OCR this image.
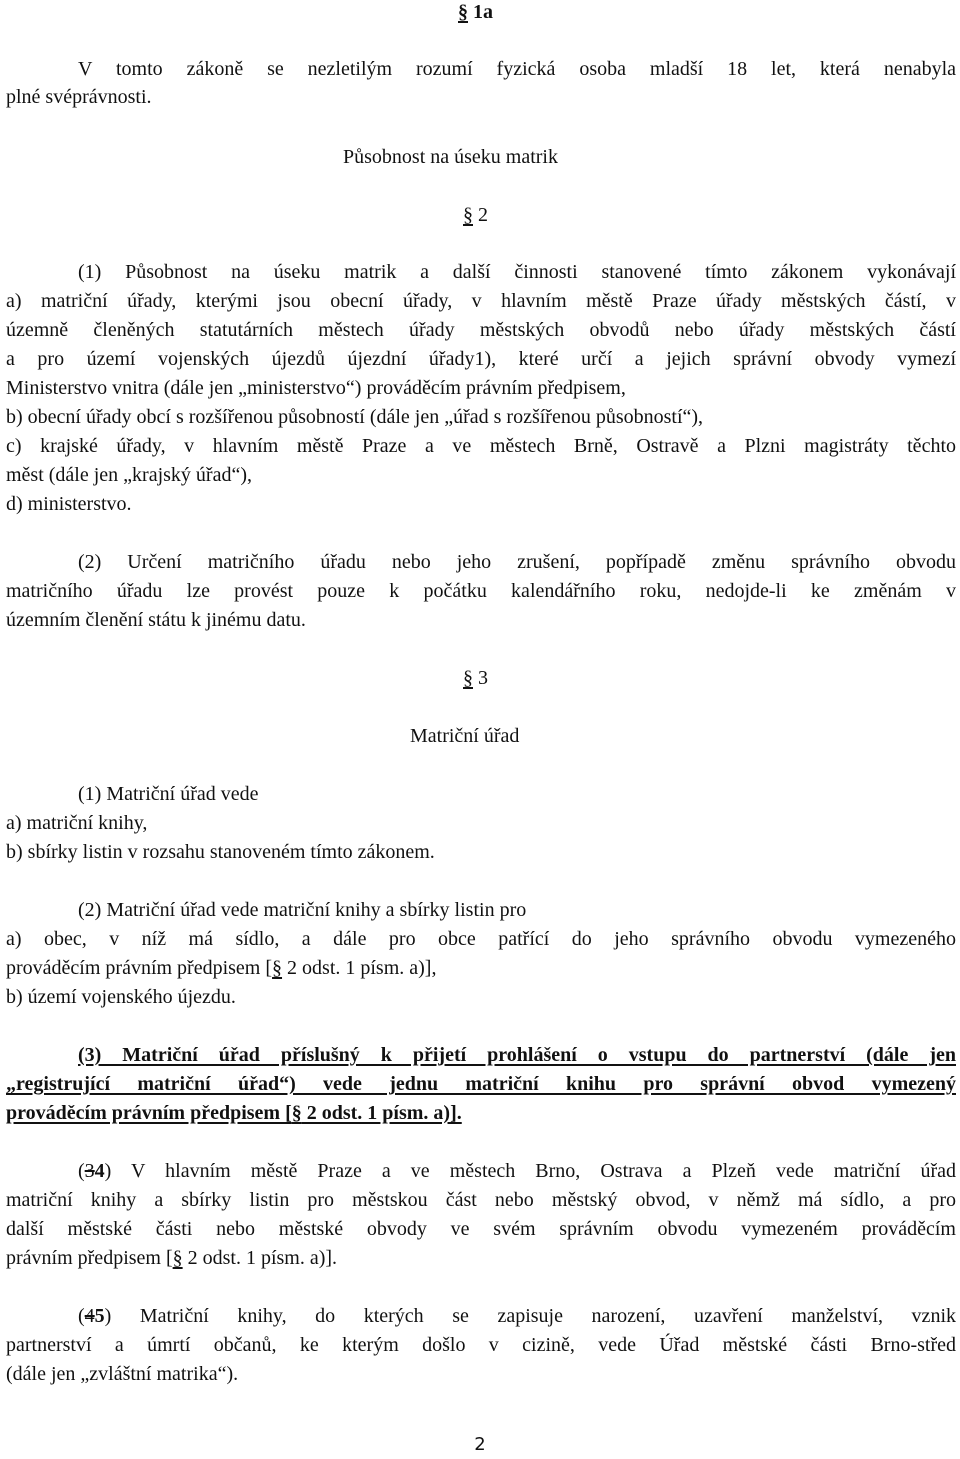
§ 1a
V tomto zákoně se nezletilým rozumí fyzická osoba mladší 18 let, která nenabyla
plné svéprávnosti.
Působnost na úseku matrik
§ 2
(1) Působnost na úseku matrik a další činnosti stanovené tímto zákonem vykonávají
a) matriční úřady, kterými jsou obecní úřady, v hlavním městě Praze úřady městských částí, v
územně členěných statutárních městech úřady městských obvodů nebo úřady městských částí
a pro území vojenských újezdů újezdní úřady1), které určí a jejich správní obvody vymezí
Ministerstvo vnitra (dále jen „ministerstvo“) prováděcím právním předpisem,
b) obecní úřady obcí s rozšířenou působností (dále jen „úřad s rozšířenou působností“),
c) krajské úřady, v hlavním městě Praze a ve městech Brně, Ostravě a Plzni magistráty těchto
měst (dále jen „krajský úřad“),
d) ministerstvo.
(2) Určení matričního úřadu nebo jeho zrušení, popřípadě změnu správního obvodu
matričního úřadu lze provést pouze k počátku kalendářního roku, nedojde-li ke změnám v
územním členění státu k jinému datu.
§ 3
Matriční úřad
(1) Matriční úřad vede
a) matriční knihy,
b) sbírky listin v rozsahu stanoveném tímto zákonem.
(2) Matriční úřad vede matriční knihy a sbírky listin pro
a) obec, v níž má sídlo, a dále pro obce patřící do jeho správního obvodu vymezeného
prováděcím právním předpisem [§ 2 odst. 1 písm. a)],
b) území vojenského újezdu.
(3) Matriční úřad příslušný k přijetí prohlášení o vstupu do partnerství (dále jen
„registrující matriční úřad“) vede jednu matriční knihu pro správní obvod vymezený
prováděcím právním předpisem [§ 2 odst. 1 písm. a)].
(34) V hlavním městě Praze a ve městech Brno, Ostrava a Plzeň vede matriční úřad
matriční knihy a sbírky listin pro městskou část nebo městský obvod, v němž má sídlo, a pro
další městské části nebo městské obvody ve svém správním obvodu vymezeném prováděcím
právním předpisem [§ 2 odst. 1 písm. a)].
(45) Matriční knihy, do kterých se zapisuje narození, uzavření manželství, vznik
partnerství a úmrtí občanů, ke kterým došlo v cizině, vede Úřad městské části Brno-střed
(dále jen „zvláštní matrika“).
2
